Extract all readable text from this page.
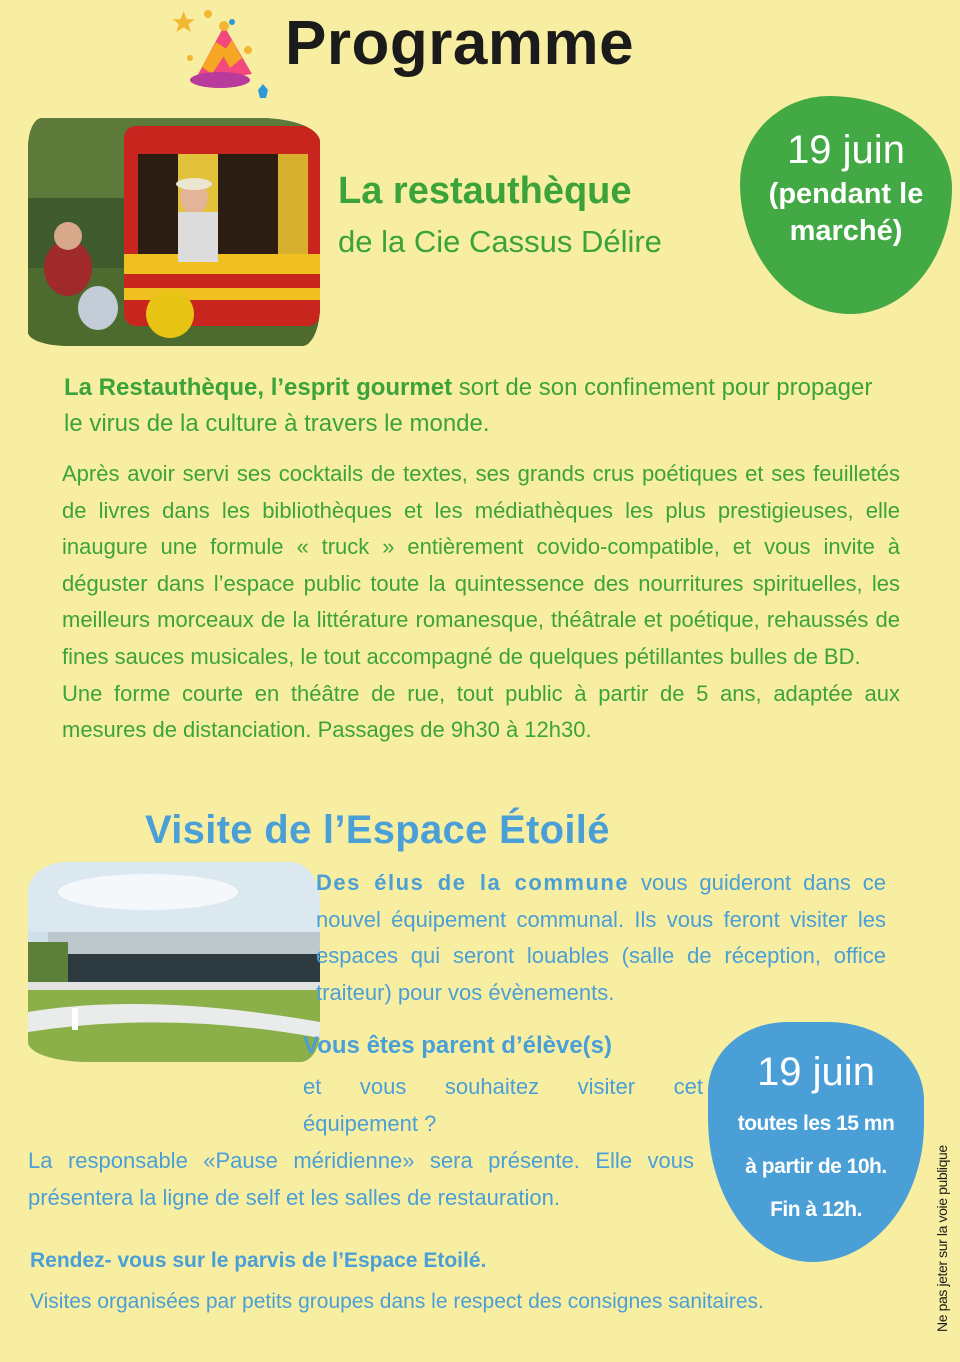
Programme
La restauthèque
de la Cie Cassus Délire
19 juin
(pendant le marché)
La Restauthèque, l’esprit gourmet sort de son confinement pour propager le virus de la culture à travers le monde.

Après avoir servi ses cocktails de textes, ses grands crus poétiques et ses feuilletés de livres dans les bibliothèques et les médiathèques les plus prestigieuses, elle inaugure une formule « truck » entièrement covido-compatible, et vous invite à déguster dans l’espace public toute la quintessence des nourritures spirituelles, les meilleurs morceaux de la littérature romanesque, théâtrale et poétique, rehaussés de fines sauces musicales, le tout accompagné de quelques pétillantes bulles de BD.

Une forme courte en théâtre de rue, tout public à partir de 5 ans, adaptée aux mesures de distanciation. Passages de 9h30 à 12h30.

Visite de l’Espace Étoilé
Des élus de la commune vous guideront dans ce nouvel équipement communal. Ils vous feront visiter les espaces qui seront louables (salle de réception, office traiteur) pour vos évènements.
Vous êtes parent d’élève(s)
et vous souhaitez visiter cet
équipement ?
La responsable «Pause méridienne» sera présente. Elle vous présentera la ligne de self et les salles de restauration.
19 juin
toutes les 15 mn
à partir de 10h.
Fin à 12h.
Rendez- vous sur le parvis de l’Espace Etoilé.
Visites organisées par petits groupes dans le respect des consignes sanitaires.	Ne pas jeter sur la voie publique
